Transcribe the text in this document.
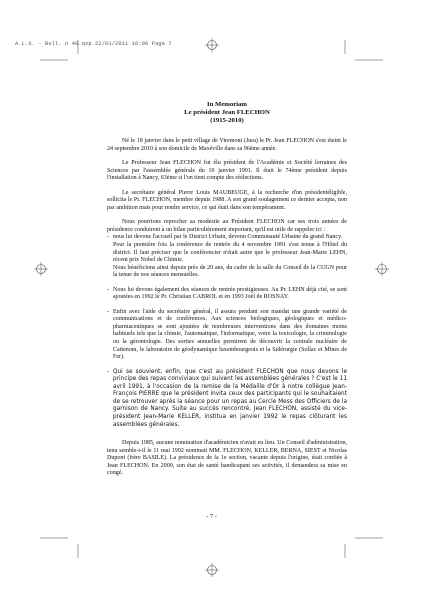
A.L.S. - Bull. n 49.qxp 22/01/2011 16:06 Page 7
In Memoriam
Le président Jean FLECHON
(1915-2010)

Né le 18 janvier dans le petit village de Viremont (Jura) le Pr. Jean FLECHON s'est éteint le 24 septembre 2010 à son domicile de Maxéville dans sa 96ème année.

Le Professeur Jean FLECHON fut élu président de l'Académie et Société lorraines des Sciences par l'assemblée générale du 10 janvier 1991. Il était le 74ème président depuis l'installation à Nancy, 63ème si l'on tient compte des réélections.

Le secrétaire général Pierre Louis MAUBEUGE, à la recherche d'un présidentéligible, sollicita le Pr. FLECHON, membre depuis 1988. A son grand soulagement ce dernier accepta, non par ambition mais pour rendre service, ce qui était dans son tempérament.

Nous pourrions reprocher sa modestie au Président FLECHON car ses trois années de présidence conduirent à un bilan particulièrement important, qu'il est utile de rappeler ici :

- nous lui devons l'accueil par le District Urbain, devenu Communauté Urbaine du grand Nancy.
Pour la première fois la conférence de rentrée du 4 novembre 1991 s'est tenue à l'Hôtel du district. Il faut préciser que le conférencier n'était autre que le professeur Jean-Marie LEHN, récent prix Nobel de Chimie.
Nous bénéficions ainsi depuis près de 20 ans, du cadre de la salle du Conseil de la CUGN pour la tenue de nos séances mensuelles.
- Nous lui devons également des séances de rentrée prestigieuses. Au Pr. LEHN déjà cité, se sont ajoutées en 1992 le Pr. Christian CABROL et en 1993 Joël de ROSNAY.
- Enfin avec l'aide du secrétaire général, il assura pendant son mandat une grande variété de communications et de conférences. Aux sciences biologiques, géologiques et médico-pharmaceutiques se sont ajoutées de nombreuses interventions dans des domaines moins habituels tels que la chimie, l'automatique, l'informatique, voire la toxicologie, la criminologie ou la gérontologie. Des sorties annuelles permirent de découvrir la centrale nucléaire de Cattenom, le laboratoire de géodynamique luxembourgeois et la Sidérurgie (Sollac et Mines de Fer).
- Qui se souvient, enfin, que c'est au président FLECHON que nous devons le principe des repas conviviaux qui suivent les assemblées générales ? C'est le 11 avril 1991, à l'occasion de la remise de la Médaille d'Or à notre collègue Jean-François PIERRE que le président invita ceux des participants qui le souhaitaient de se retrouver après la séance pour un repas au Cercle Mess des Officiers de la garnison de Nancy. Suite au succès rencontré, Jean FLECHON, assisté du vice-président Jean-Marie KELLER, institua en janvier 1992 le repas clôturant les assemblées générales.

Depuis 1985, aucune nomination d'académicien n'avait eu lieu. Un Conseil d'administration, tenu semble-t-il le 11 mai 1992 nommait MM. FLECHON, KELLER, BERNA, SIEST et Nicolas Dupont (frère BASILE). La présidence de la 1e section, vacante depuis l'origine, était confiée à Jean FLECHON. En 2000, son état de santé handicapant ses activités, il demandera sa mise en congé.

- 7 -
